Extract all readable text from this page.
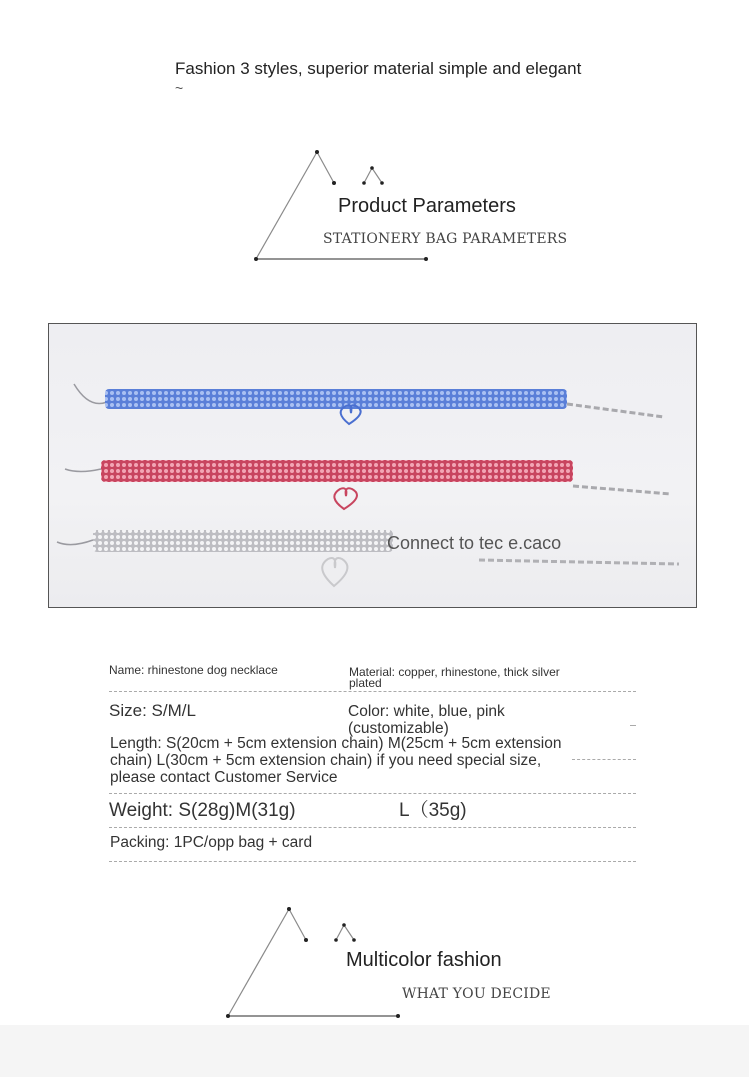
Fashion 3 styles, superior material simple and elegant
~
Product Parameters
STATIONERY BAG PARAMETERS
Connect to tec e.caco
Name: rhinestone dog necklace	Material: copper, rhinestone, thick silver plated
Size: S/M/L	Color: white, blue, pink (customizable)
Length: S(20cm + 5cm extension chain) M(25cm + 5cm extension chain) L(30cm + 5cm extension chain) if you need special size, please contact Customer Service
Weight: S(28g)M(31g)	L（35g)
Packing: 1PC/opp bag + card
Multicolor fashion
WHAT YOU DECIDE
